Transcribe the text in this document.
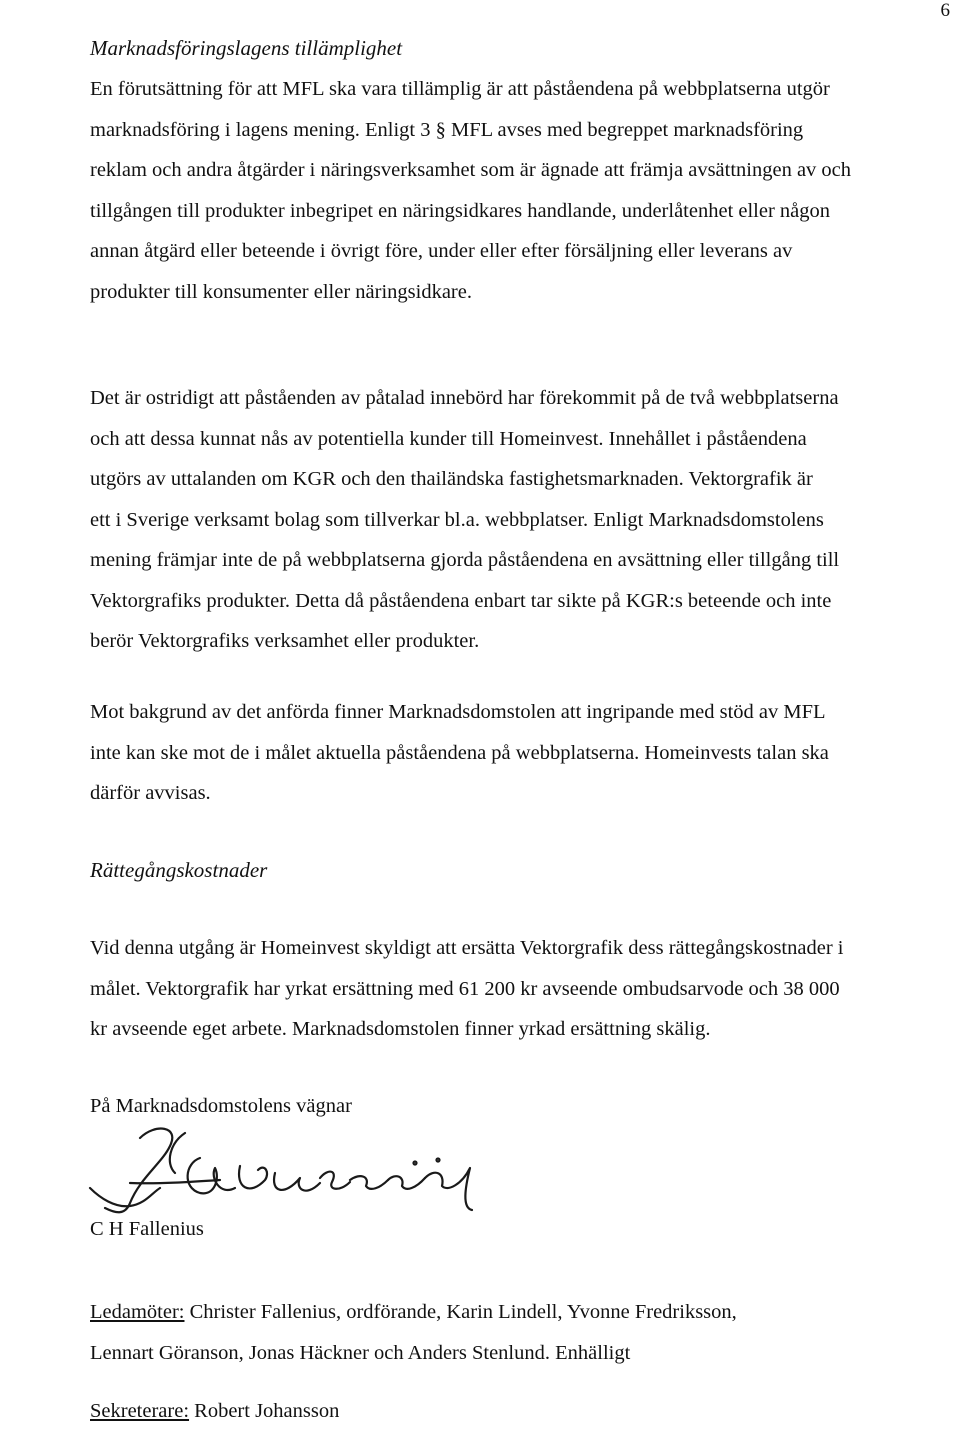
6
Marknadsföringslagens tillämplighet
En förutsättning för att MFL ska vara tillämplig är att påståendena på webbplatserna utgör
marknadsföring i lagens mening. Enligt 3 § MFL avses med begreppet marknadsföring
reklam och andra åtgärder i näringsverksamhet som är ägnade att främja avsättningen av och
tillgången till produkter inbegripet en näringsidkares handlande, underlåtenhet eller någon
annan åtgärd eller beteende i övrigt före, under eller efter försäljning eller leverans av
produkter till konsumenter eller näringsidkare.
Det är ostridigt att påståenden av påtalad innebörd har förekommit på de två webbplatserna
och att dessa kunnat nås av potentiella kunder till Homeinvest. Innehållet i påståendena
utgörs av uttalanden om KGR och den thailändska fastighetsmarknaden. Vektorgrafik är
ett i Sverige verksamt bolag som tillverkar bl.a. webbplatser. Enligt Marknadsdomstolens
mening främjar inte de på webbplatserna gjorda påståendena en avsättning eller tillgång till
Vektorgrafiks produkter. Detta då påståendena enbart tar sikte på KGR:s beteende och inte
berör Vektorgrafiks verksamhet eller produkter.
Mot bakgrund av det anförda finner Marknadsdomstolen att ingripande med stöd av MFL
inte kan ske mot de i målet aktuella påståendena på webbplatserna. Homeinvests talan ska
därför avvisas.
Rättegångskostnader
Vid denna utgång är Homeinvest skyldigt att ersätta Vektorgrafik dess rättegångskostnader i
målet. Vektorgrafik har yrkat ersättning med 61 200 kr avseende ombudsarvode och 38 000
kr avseende eget arbete. Marknadsdomstolen finner yrkad ersättning skälig.
På Marknadsdomstolens vägnar
C H Fallenius
Ledamöter: Christer Fallenius, ordförande, Karin Lindell, Yvonne Fredriksson,
Lennart Göranson, Jonas Häckner och Anders Stenlund. Enhälligt
Sekreterare: Robert Johansson
